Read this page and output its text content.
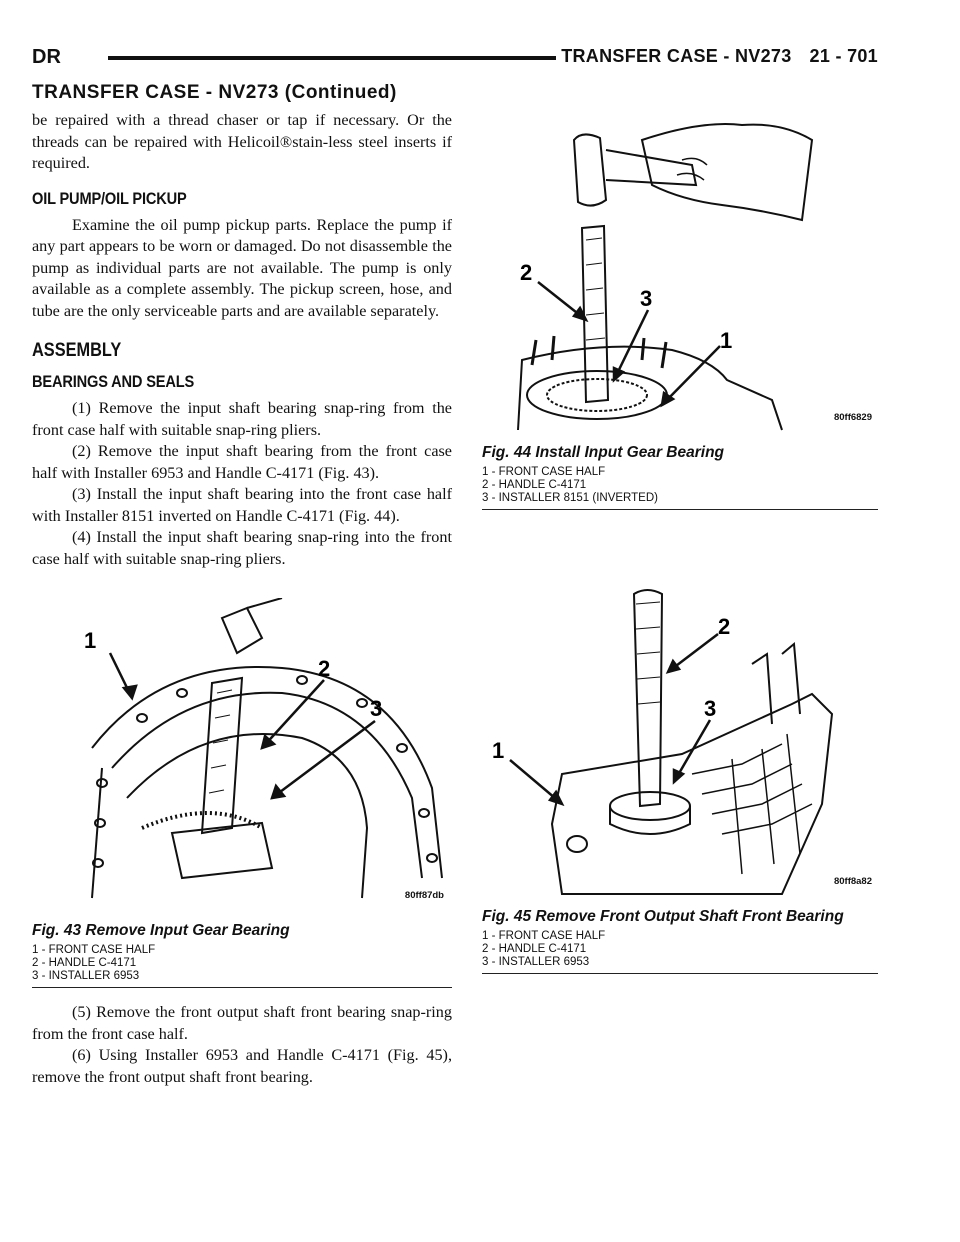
DR	TRANSFER CASE - NV273 21 - 701
TRANSFER CASE - NV273 (Continued)

be repaired with a thread chaser or tap if necessary. Or the threads can be repaired with Helicoil®stain-less steel inserts if required.

OIL PUMP/OIL PICKUP

Examine the oil pump pickup parts. Replace the pump if any part appears to be worn or damaged. Do not disassemble the pump as individual parts are not available. The pump is only available as a complete assembly. The pickup screen, hose, and tube are the only serviceable parts and are available separately.

ASSEMBLY
BEARINGS AND SEALS

(1) Remove the input shaft bearing snap-ring from the front case half with suitable snap-ring pliers.

(2) Remove the input shaft bearing from the front case half with Installer 6953 and Handle C-4171 (Fig. 43).

(3) Install the input shaft bearing into the front case half with Installer 8151 inverted on Handle C-4171 (Fig. 44).

(4) Install the input shaft bearing snap-ring into the front case half with suitable snap-ring pliers.

1
2
3
80ff87db
Fig. 43 Remove Input Gear Bearing
1 - FRONT CASE HALF
2 - HANDLE C-4171
3 - INSTALLER 6953

(5) Remove the front output shaft front bearing snap-ring from the front case half.

(6) Using Installer 6953 and Handle C-4171 (Fig. 45), remove the front output shaft front bearing.

2
3
1
80ff6829
Fig. 44 Install Input Gear Bearing
1 - FRONT CASE HALF
2 - HANDLE C-4171
3 - INSTALLER 8151 (INVERTED)
2
3
1
80ff8a82
Fig. 45 Remove Front Output Shaft Front Bearing
1 - FRONT CASE HALF
2 - HANDLE C-4171
3 - INSTALLER 6953
